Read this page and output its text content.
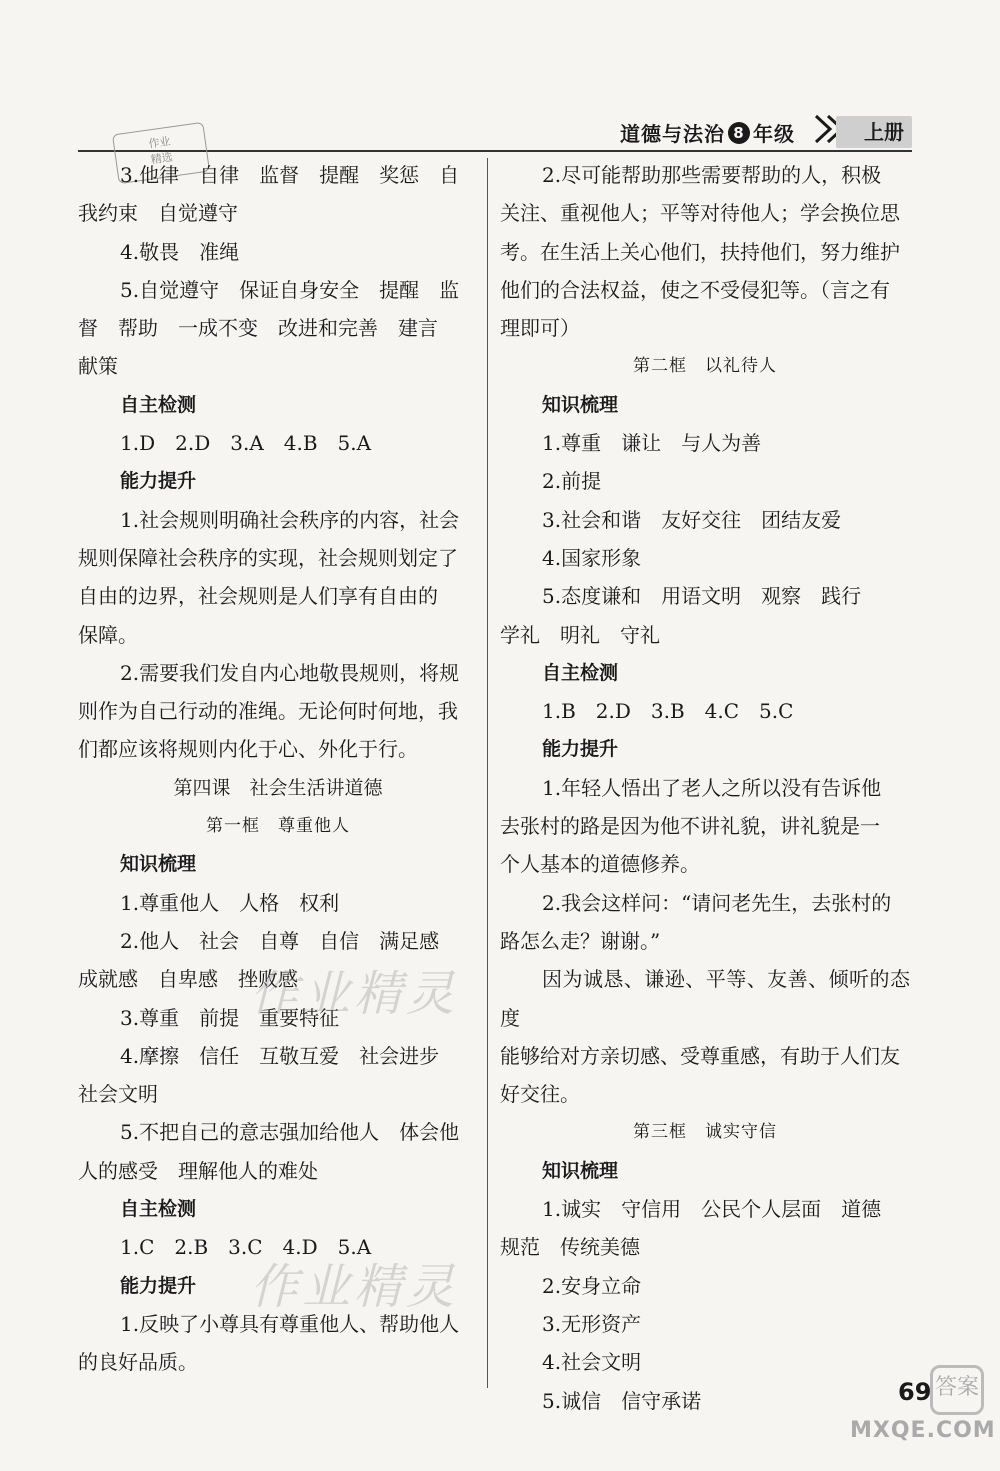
道德与法治 8 年级	上册
作业
精选

3.他律　自律　监督　提醒　奖惩　自

我约束　自觉遵守

4.敬畏　准绳

5.自觉遵守　保证自身安全　提醒　监

督　帮助　一成不变　改进和完善　建言

献策

自主检测

1.D　2.D　3.A　4.B　5.A

能力提升

1.社会规则明确社会秩序的内容，社会

规则保障社会秩序的实现，社会规则划定了

自由的边界，社会规则是人们享有自由的

保障。

2.需要我们发自内心地敬畏规则，将规

则作为自己行动的准绳。无论何时何地，我

们都应该将规则内化于心、外化于行。

第四课　社会生活讲道德

第一框　尊重他人

知识梳理

1.尊重他人　人格　权利

2.他人　社会　自尊　自信　满足感

成就感　自卑感　挫败感

3.尊重　前提　重要特征

4.摩擦　信任　互敬互爱　社会进步

社会文明

5.不把自己的意志强加给他人　体会他

人的感受　理解他人的难处

自主检测

1.C　2.B　3.C　4.D　5.A

能力提升

1.反映了小尊具有尊重他人、帮助他人

的良好品质。

2.尽可能帮助那些需要帮助的人，积极

关注、重视他人；平等对待他人；学会换位思

考。在生活上关心他们，扶持他们，努力维护

他们的合法权益，使之不受侵犯等。（言之有

理即可）

第二框　以礼待人

知识梳理

1.尊重　谦让　与人为善

2.前提

3.社会和谐　友好交往　团结友爱

4.国家形象

5.态度谦和　用语文明　观察　践行

学礼　明礼　守礼

自主检测

1.B　2.D　3.B　4.C　5.C

能力提升

1.年轻人悟出了老人之所以没有告诉他

去张村的路是因为他不讲礼貌，讲礼貌是一

个人基本的道德修养。

2.我会这样问：“请问老先生，去张村的

路怎么走？谢谢。”

因为诚恳、谦逊、平等、友善、倾听的态度

能够给对方亲切感、受尊重感，有助于人们友

好交往。

第三框　诚实守信

知识梳理

1.诚实　守信用　公民个人层面　道德

规范　传统美德

2.安身立命

3.无形资产

4.社会文明

5.诚信　信守承诺

作业精灵
作业精灵
69 答案
MXQE.COM
